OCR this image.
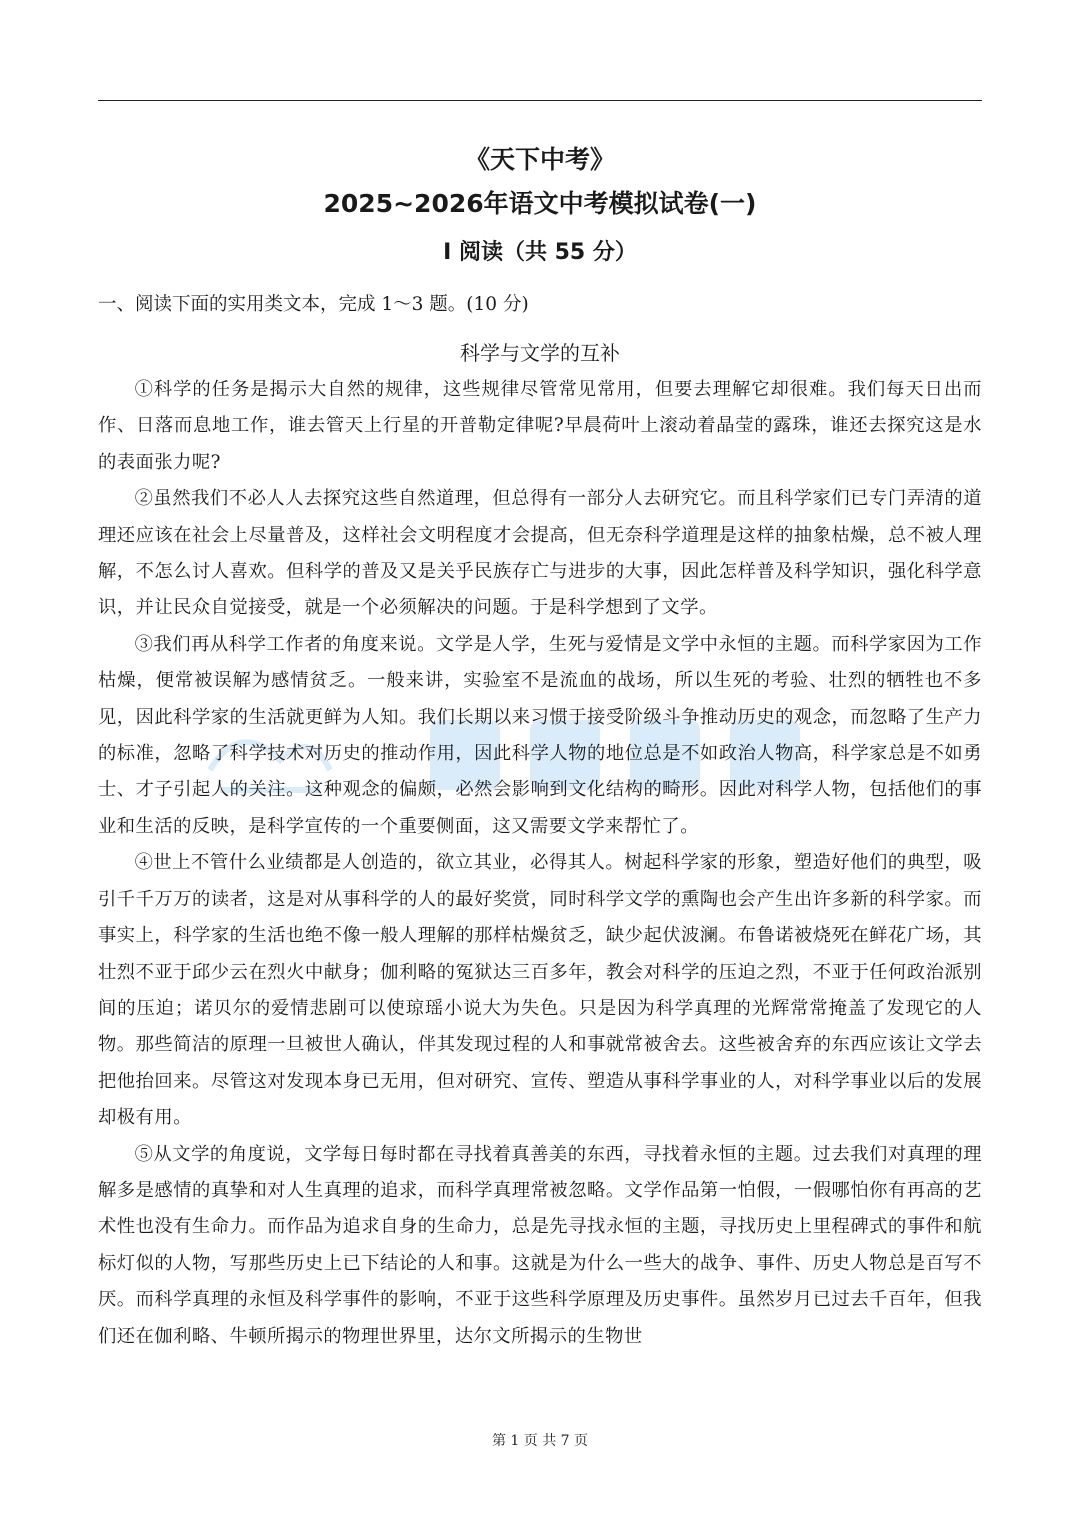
《天下中考》

2025~2026年语文中考模拟试卷(一)

Ⅰ 阅读（共 55 分）

一、阅读下面的实用类文本，完成 1～3 题。(10 分)

科学与文学的互补

①科学的任务是揭示大自然的规律，这些规律尽管常见常用，但要去理解它却很难。我们每天日出而作、日落而息地工作，谁去管天上行星的开普勒定律呢?早晨荷叶上滚动着晶莹的露珠，谁还去探究这是水的表面张力呢?

②虽然我们不必人人去探究这些自然道理，但总得有一部分人去研究它。而且科学家们已专门弄清的道理还应该在社会上尽量普及，这样社会文明程度才会提高，但无奈科学道理是这样的抽象枯燥，总不被人理解，不怎么讨人喜欢。但科学的普及又是关乎民族存亡与进步的大事，因此怎样普及科学知识，强化科学意识，并让民众自觉接受，就是一个必须解决的问题。于是科学想到了文学。

③我们再从科学工作者的角度来说。文学是人学，生死与爱情是文学中永恒的主题。而科学家因为工作枯燥，便常被误解为感情贫乏。一般来讲，实验室不是流血的战场，所以生死的考验、壮烈的牺牲也不多见，因此科学家的生活就更鲜为人知。我们长期以来习惯于接受阶级斗争推动历史的观念，而忽略了生产力的标准，忽略了科学技术对历史的推动作用，因此科学人物的地位总是不如政治人物高，科学家总是不如勇士、才子引起人的关注。这种观念的偏颇，必然会影响到文化结构的畸形。因此对科学人物，包括他们的事业和生活的反映，是科学宣传的一个重要侧面，这又需要文学来帮忙了。

④世上不管什么业绩都是人创造的，欲立其业，必得其人。树起科学家的形象，塑造好他们的典型，吸引千千万万的读者，这是对从事科学的人的最好奖赏，同时科学文学的熏陶也会产生出许多新的科学家。而事实上，科学家的生活也绝不像一般人理解的那样枯燥贫乏，缺少起伏波澜。布鲁诺被烧死在鲜花广场，其壮烈不亚于邱少云在烈火中献身；伽利略的冤狱达三百多年，教会对科学的压迫之烈，不亚于任何政治派别间的压迫；诺贝尔的爱情悲剧可以使琼瑶小说大为失色。只是因为科学真理的光辉常常掩盖了发现它的人物。那些简洁的原理一旦被世人确认，伴其发现过程的人和事就常被舍去。这些被舍弃的东西应该让文学去把他抬回来。尽管这对发现本身已无用，但对研究、宣传、塑造从事科学事业的人，对科学事业以后的发展却极有用。

⑤从文学的角度说，文学每日每时都在寻找着真善美的东西，寻找着永恒的主题。过去我们对真理的理解多是感情的真挚和对人生真理的追求，而科学真理常被忽略。文学作品第一怕假，一假哪怕你有再高的艺术性也没有生命力。而作品为追求自身的生命力，总是先寻找永恒的主题，寻找历史上里程碑式的事件和航标灯似的人物，写那些历史上已下结论的人和事。这就是为什么一些大的战争、事件、历史人物总是百写不厌。而科学真理的永恒及科学事件的影响，不亚于这些科学原理及历史事件。虽然岁月已过去千百年，但我们还在伽利略、牛顿所揭示的物理世界里，达尔文所揭示的生物世

第 1 页 共 7 页
